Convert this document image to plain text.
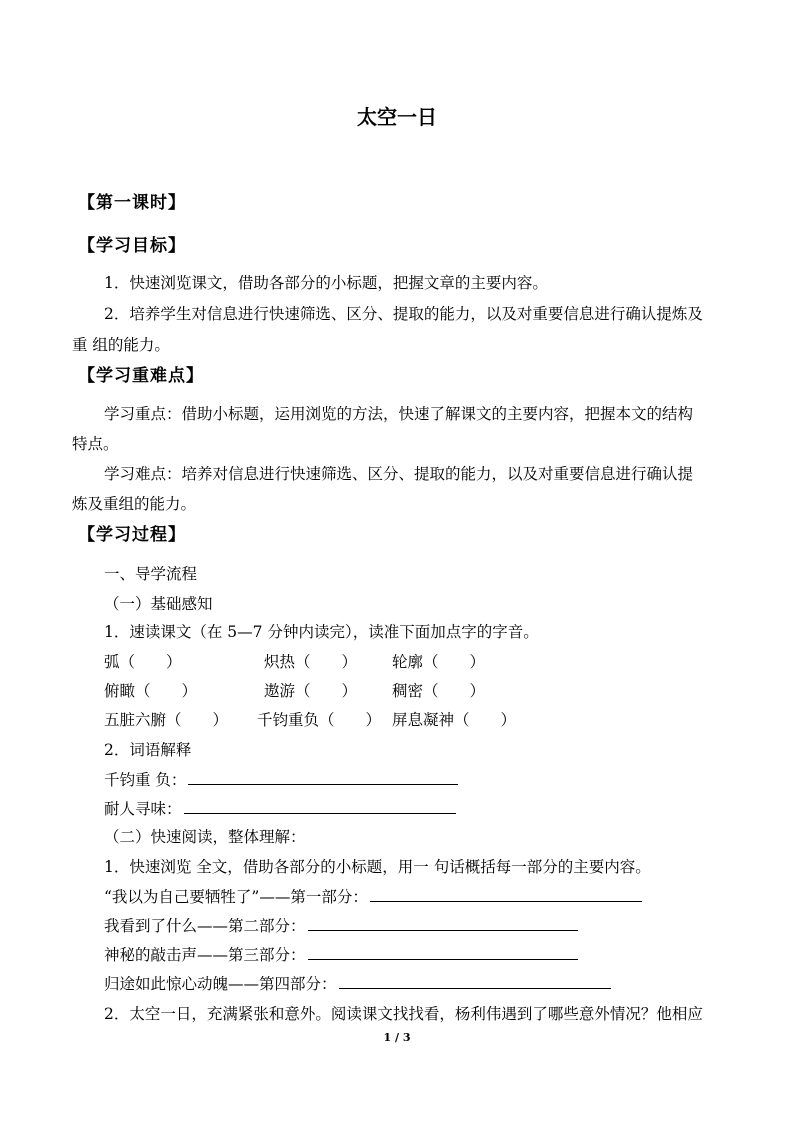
太空一日
【第一课时】
【学习目标】
1．快速浏览课文，借助各部分的小标题，把握文章的主要内容。
2．培养学生对信息进行快速筛选、区分、提取的能力，以及对重要信息进行确认提炼及
重 组的能力。
【学习重难点】
学习重点：借助小标题，运用浏览的方法，快速了解课文的主要内容，把握本文的结构
特点。
学习难点：培养对信息进行快速筛选、区分、提取的能力，以及对重要信息进行确认提
炼及重组的能力。
【学习过程】
一、导学流程
（一）基础感知
1．速读课文（在 5—7 分钟内读完），读准下面加点字的字音。
弧（　　）	炽热（　　） 轮廓（　　）
俯瞰（　　）	遨游（　　） 稠密（　　）
五脏六腑（　　） 千钧重负（　　） 屏息凝神（　　）
2．词语解释
千钧重 负：
耐人寻味：
（二）快速阅读，整体理解：
1．快速浏览 全文，借助各部分的小标题，用一 句话概括每一部分的主要内容。
“我以为自己要牺牲了”——第一部分：
我看到了什么——第二部分：
神秘的敲击声——第三部分：
归途如此惊心动魄——第四部分：
2．太空一日，充满紧张和意外。阅读课文找找看，杨利伟遇到了哪些意外情况？他相应
1 / 3
